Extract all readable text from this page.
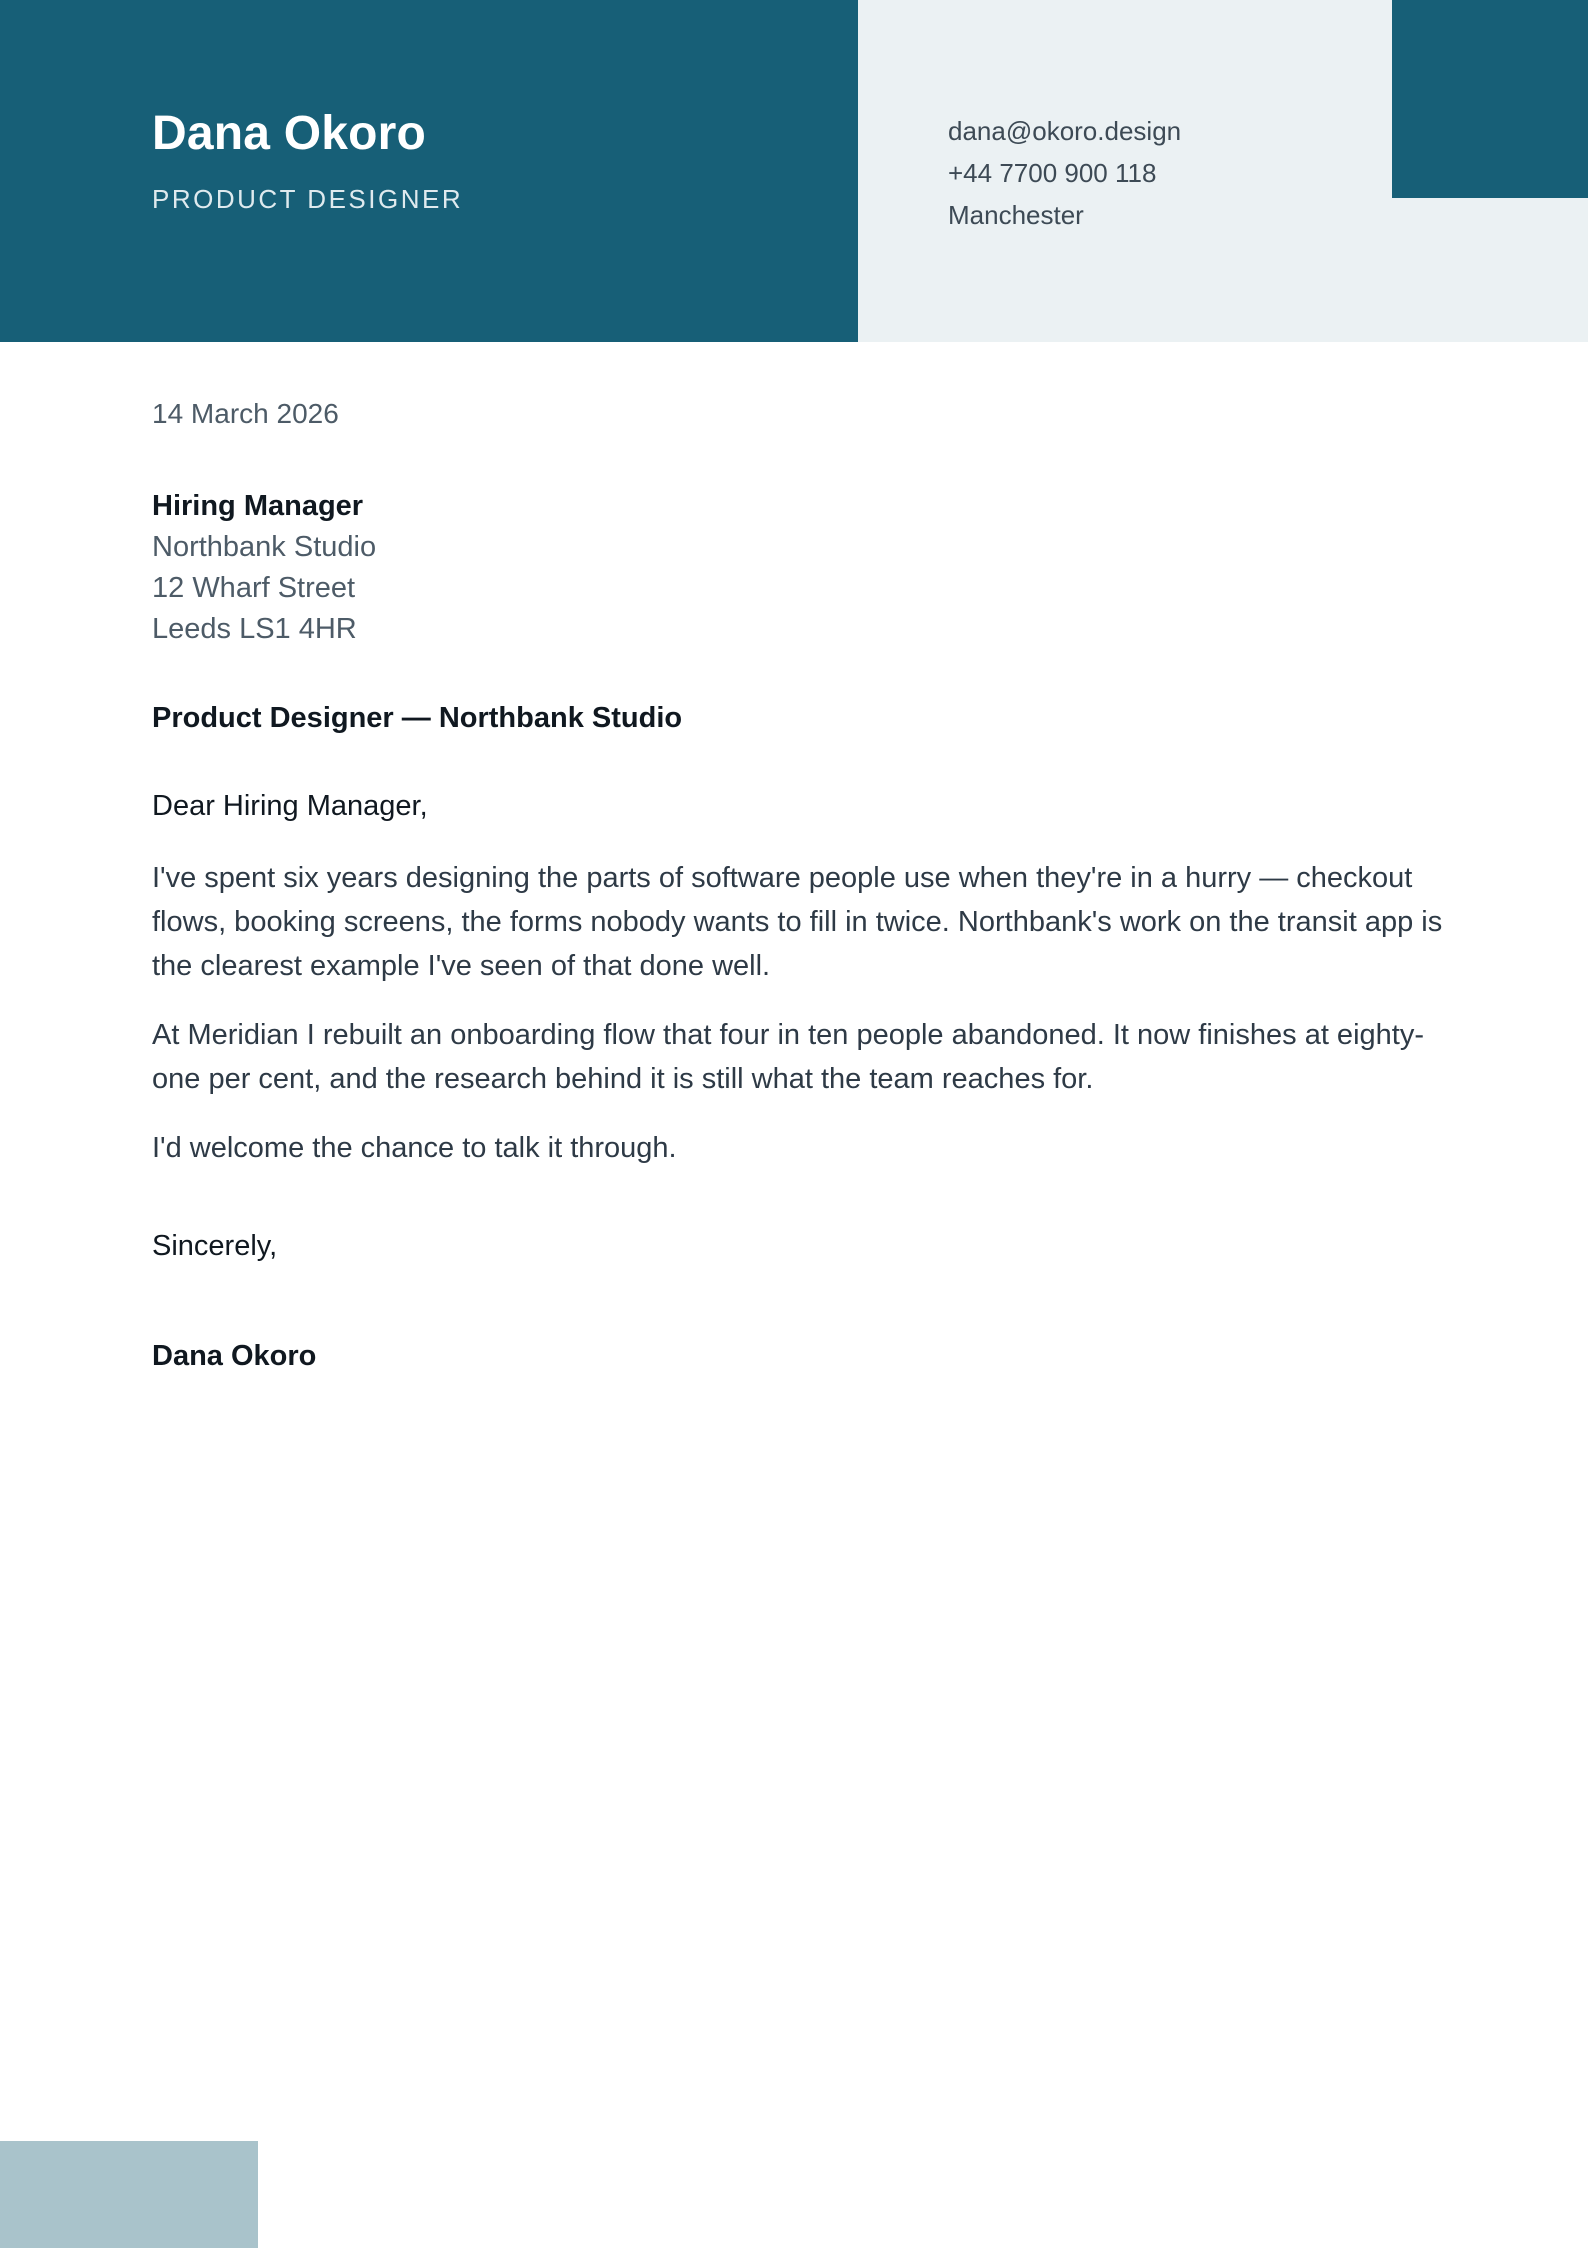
Dana Okoro

PRODUCT DESIGNER

dana@okoro.design
+44 7700 900 118
Manchester
14 March 2026
Hiring Manager
Northbank Studio
12 Wharf Street
Leeds LS1 4HR
Product Designer — Northbank Studio
Dear Hiring Manager,

I've spent six years designing the parts of software people use when they're in a hurry — checkout flows, booking screens, the forms nobody wants to fill in twice. Northbank's work on the transit app is the clearest example I've seen of that done well.

At Meridian I rebuilt an onboarding flow that four in ten people abandoned. It now finishes at eighty-one per cent, and the research behind it is still what the team reaches for.

I'd welcome the chance to talk it through.

Sincerely,
Dana Okoro
